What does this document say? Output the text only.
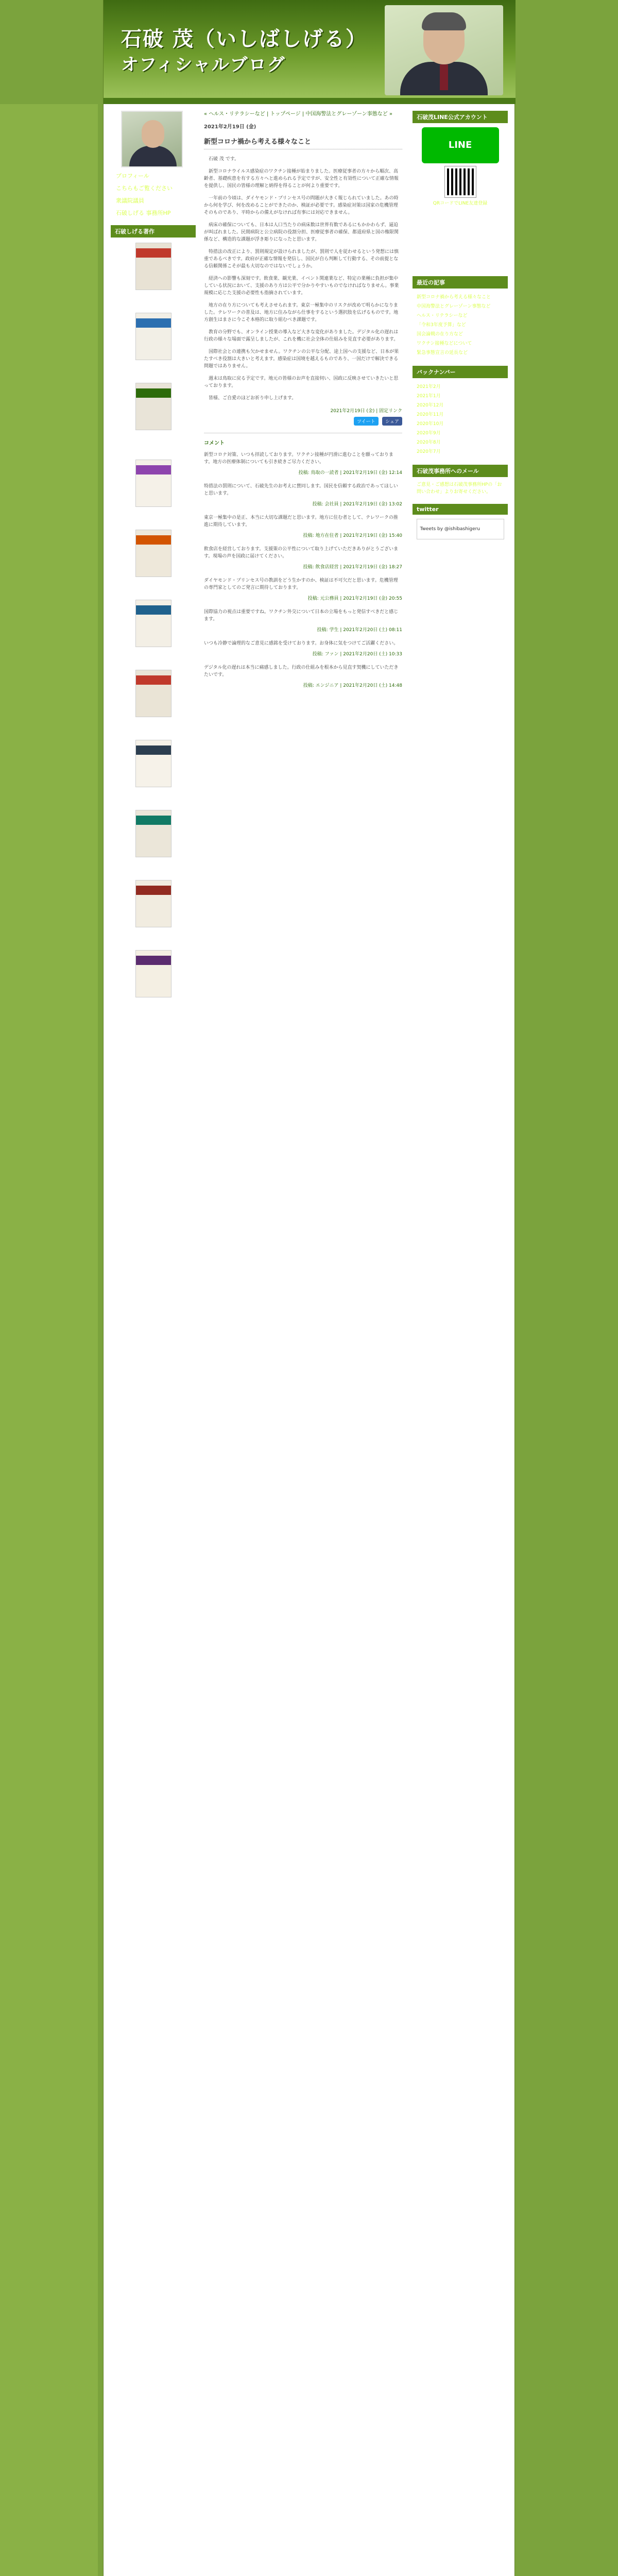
石破 茂（いしばしげる）
オフィシャルブログ
プロフィール
こちらもご覧ください
衆議院議員
石破しげる 事務所HP
石破しげる著作
「政策至上主義」
（新潮新書）
「日本列島創生論」
（新潮新書）
「日本人のための「集団的
自衛権」入門」
（新潮新書）
「国防」
（新潮文庫）
「真・政治力」
（ワニブックス）
「国難」
（新潮社）
「こんな日本をつくりたい」
（宇野常寛との共著）
「国防」
（新潮社）
「日本人のための
「集団的自衛権」入門」
「軍事を知らずして
平和を語るな」
「国防」
（新潮文庫）
« ヘルス・リテラシーなど | トップページ | 中国海警法とグレーゾーン事態など »
2021年2月19日 (金)
新型コロナ禍から考える様々なこと

石破 茂 です。

新型コロナウイルス感染症のワクチン接種が始まりました。医療従事者の方々から順次、高齢者、基礎疾患を有する方々へと進められる予定ですが、安全性と有効性について正確な情報を提供し、国民の皆様の理解と納得を得ることが何より重要です。

一年前の今頃は、ダイヤモンド・プリンセス号の問題が大きく報じられていました。あの時から何を学び、何を改めることができたのか、検証が必要です。感染症対策は国家の危機管理そのものであり、平時からの備えがなければ有事には対応できません。

病床の確保についても、日本は人口当たりの病床数は世界有数であるにもかかわらず、逼迫が叫ばれました。民間病院と公立病院の役割分担、医療従事者の確保、都道府県と国の権限関係など、構造的な課題が浮き彫りになったと思います。

特措法の改正により、罰則規定が設けられましたが、罰則で人を従わせるという発想には慎重であるべきです。政府が正確な情報を発信し、国民が自ら判断して行動する、その前提となる信頼関係こそが最も大切なのではないでしょうか。

経済への影響も深刻です。飲食業、観光業、イベント関連業など、特定の業種に負担が集中している状況において、支援のあり方は公平で分かりやすいものでなければなりません。事業規模に応じた支援の必要性も指摘されています。

地方の在り方についても考えさせられます。東京一極集中のリスクが改めて明らかになりました。テレワークの普及は、地方に住みながら仕事をするという選択肢を広げるものです。地方創生はまさに今こそ本格的に取り組むべき課題です。

教育の分野でも、オンライン授業の導入など大きな変化がありました。デジタル化の遅れは行政の様々な場面で露呈しましたが、これを機に社会全体の仕組みを見直す必要があります。

国際社会との連携も欠かせません。ワクチンの公平な分配、途上国への支援など、日本が果たすべき役割は大きいと考えます。感染症は国境を越えるものであり、一国だけで解決できる問題ではありません。

週末は鳥取に戻る予定です。地元の皆様のお声を直接伺い、国政に反映させていきたいと思っております。

皆様、ご自愛のほどお祈り申し上げます。

2021年2月19日 (金) | 固定リンク
ツイート シェア
コメント
新型コロナ対策、いつも拝読しております。ワクチン接種が円滑に進むことを願っております。地方の医療体制についても引き続きご尽力ください。
投稿: 鳥取の一読者 | 2021年2月19日 (金) 12:14
特措法の罰則について、石破先生のお考えに賛同します。国民を信頼する政治であってほしいと思います。
投稿: 会社員 | 2021年2月19日 (金) 13:02
東京一極集中の是正、本当に大切な課題だと思います。地方に住む者として、テレワークの推進に期待しています。
投稿: 地方在住者 | 2021年2月19日 (金) 15:40
飲食店を経営しております。支援策の公平性について取り上げていただきありがとうございます。現場の声を国政に届けてください。
投稿: 飲食店経営 | 2021年2月19日 (金) 18:27
ダイヤモンド・プリンセス号の教訓をどう生かすのか、検証は不可欠だと思います。危機管理の専門家としてのご発言に期待しております。
投稿: 元公務員 | 2021年2月19日 (金) 20:55
国際協力の視点は重要ですね。ワクチン外交について日本の立場をもっと発信すべきだと感じます。
投稿: 学生 | 2021年2月20日 (土) 08:11
いつも冷静で論理的なご意見に感銘を受けております。お身体に気をつけてご活躍ください。
投稿: ファン | 2021年2月20日 (土) 10:33
デジタル化の遅れは本当に痛感しました。行政の仕組みを根本から見直す契機にしていただきたいです。
投稿: エンジニア | 2021年2月20日 (土) 14:48
石破茂LINE公式アカウント
LINE
QRコードでLINE友達登録
2021年2月
日	月	火	水	木	金	土
	1	2	3	4	5	6
7	8	9	10	11	12	13
14	15	16	17	18	19	20
21	22	23	24	25	26	27
28						
最近の記事
新型コロナ禍から考える様々なこと
中国海警法とグレーゾーン事態など
ヘルス・リテラシーなど
「令和3年度予算」など
国会論戦の在り方など
ワクチン接種などについて
緊急事態宣言の延長など
バックナンバー
2021年2月
2021年1月
2020年12月
2020年11月
2020年10月
2020年9月
2020年8月
2020年7月
石破茂事務所へのメール
ご意見・ご感想は石破茂事務所HPの「お問い合わせ」よりお寄せください。
twitter
Tweets by @ishibashigeru
